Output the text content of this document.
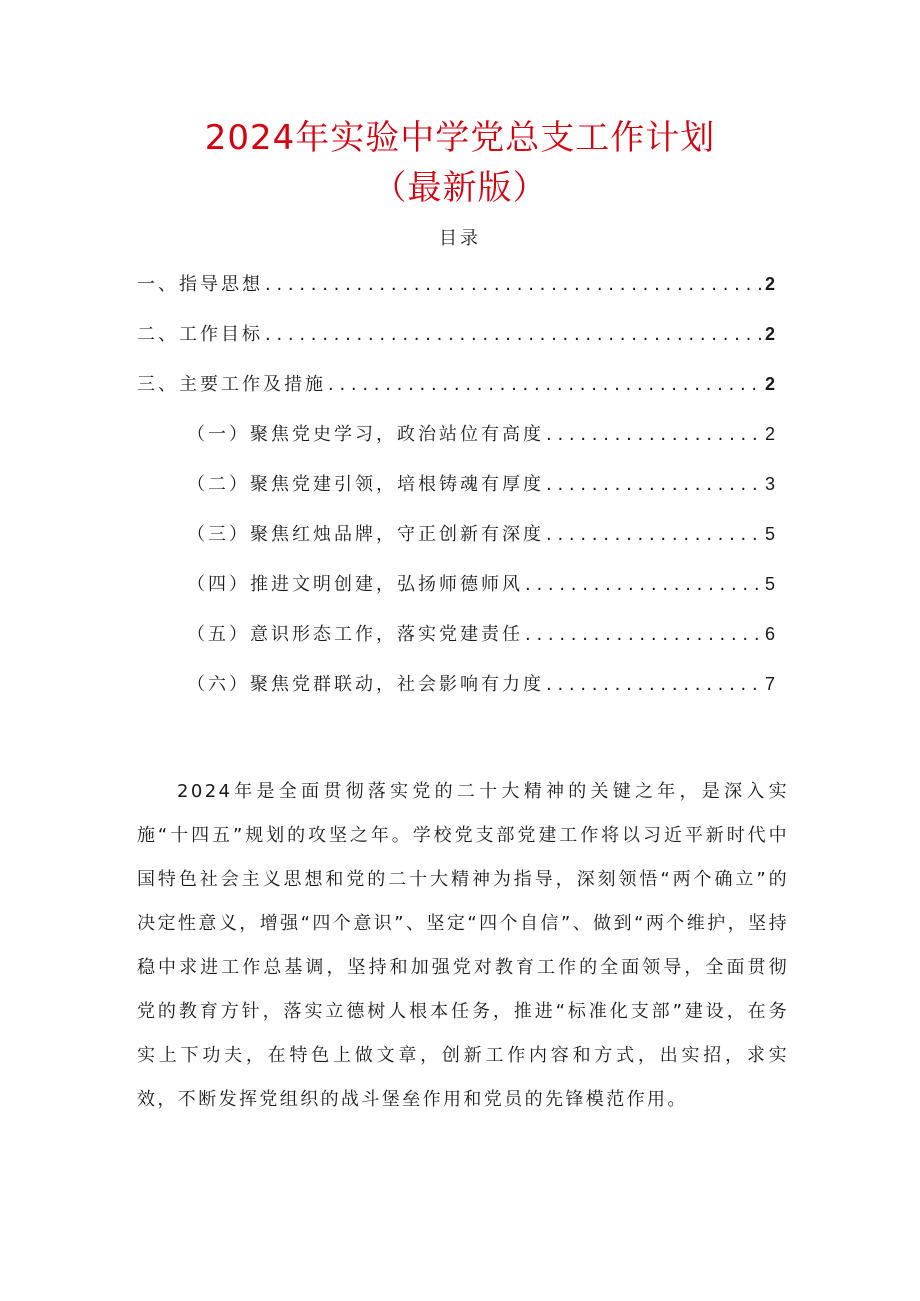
2024年实验中学党总支工作计划
（最新版）
目录
一、指导思想 . . .	2
二、工作目标 . . .	2
三、主要工作及措施 . . .	2
（一）聚焦党史学习，政治站位有高度 . . .	2
（二）聚焦党建引领，培根铸魂有厚度 . . .	3
（三）聚焦红烛品牌，守正创新有深度 . . .	5
（四）推进文明创建，弘扬师德师风 . . .	5
（五）意识形态工作，落实党建责任 . . .	6
（六）聚焦党群联动，社会影响有力度 . . .	7

2024年是全面贯彻落实党的二十大精神的关键之年，是深入实施“十四五”规划的攻坚之年。学校党支部党建工作将以习近平新时代中国特色社会主义思想和党的二十大精神为指导，深刻领悟“两个确立”的决定性意义，增强“四个意识”、坚定“四个自信”、做到“两个维护，坚持稳中求进工作总基调，坚持和加强党对教育工作的全面领导，全面贯彻党的教育方针，落实立德树人根本任务，推进“标准化支部”建设，在务实上下功夫，在特色上做文章，创新工作内容和方式，出实招，求实效，不断发挥党组织的战斗堡垒作用和党员的先锋模范作用。
